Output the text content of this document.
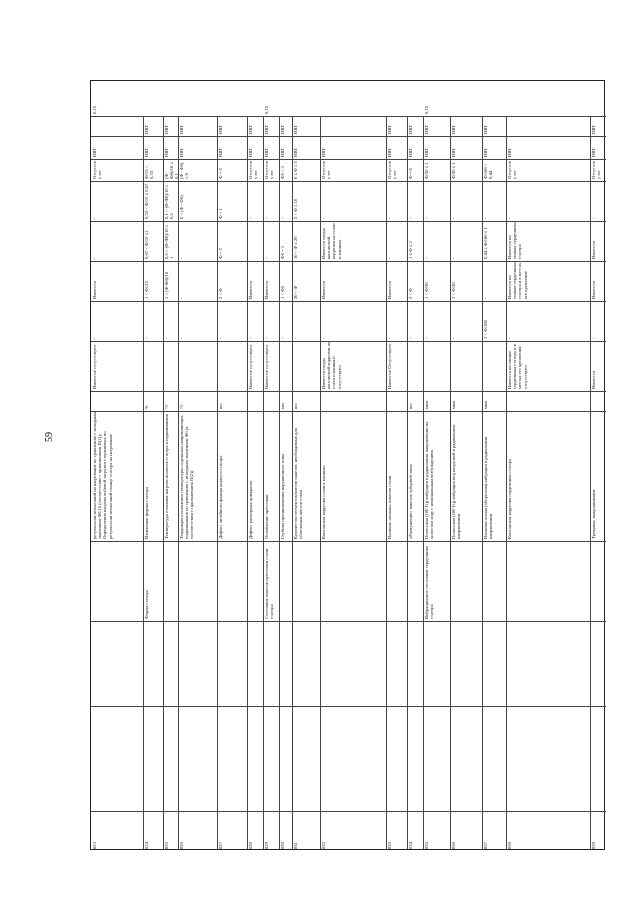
59
823
результатам испытаний на нагревание по сравнению с исходным значением Ф0,16 (соответствие с приложением П(2)); Определения нагрева лобовой загрузки стержневых по результатам испытаний сланце статора на нагревание
Имеются/ отсутствуют
-
Имеются
-
-
Отсутству ют
НВТ
0,15
824
Форма статора
Изменение формы статора
%
-
1 < Ф≤15
0,67 < Ф/15 ≤1
0,33 < Ф/15 ≤ 0,67
Ф/15 < 0,33
НВТ
НВТ
825
Температура отекания нагрева полюсов статора и подшипников
°C
-
1 < (Ф-Ф0)/10
0,5 < (Ф-Ф0)/10 ≤ 1
0,1 < (Ф-Ф0)/10 ≤ 0,5
(Ф-Ф0)/10 ≤ 0,1
НВТ
НВТ
826
Тенденция отклонения температуры отдельных направляющих подшипников по сравнению с исходным значением Ф0 (в соответствии с приложением П(2))
°C
-
-
-
0 < (Ф - Ф0)
(Ф - Ф0) ≤ 0
НВТ
НВТ
827
Дефект литейного фланца корпуса статора
шт.
-
2 < Ф
Ф = 2
Ф = 1
Ф = 0
НВТ
НВТ
828
Дефект распорных домкратов
Имеются/ отсутствуют
-
Имеются
-
Отсутству ют
НВТ
НВТ
829
Состояние пакетов прессовки стали статора
Ослабление прессовки
Имеются/ отсутствуют
-
Имеются
-
-
Отсутству ют
НВТ
НВТ
0,15
830
Глубина проникновения нарушенного зоны
мм
-
1 < Ф5
Ф5 = 1
-
Ф5 < 1
НВТ
НВТ
831
Количество сегментов/листов пакетов, необходимых для ублотнения листов стали
шт.
-
20 < Ф
10 < Ф ≤ 20
5 < Ф ≤ 10
0 ≤ Ф ≤ 5
НВТ
НВТ
832
Контактная коррозия стали в клиньях
Имеются следы контактной коррозии на стали и клиньях/ отсутствуют
-
Имеются
Имеются следы контактной коррозии на стали и клиньях
-
Отсутству ют
НВТ
833
Наличие «волны» пакетов стали
Имеются/ Отсутствуют
-
Имеются
-
-
Отсутству ют
НВТ
НВТ
834
«Распушение» пакетов зубцовой зоны
шт.
-
2 < Ф
1 ≤ Ф ≤ 2
-
Ф = 0
НВТ
НВТ
835
Вибрационное состояние сердечника статора
Полосовая (100 Гц) вибрация в радиальном направлении на холостом ходу с номинальным возбуждением
мкм
-
1 < Ф/30
-
-
Ф/30 ≤ 1
НВТ
НВТ
0,15
836
Полосовая (100 Гц) вибрация под нагрузкой в радиальном направлении
мкм
-
1 < Ф/30
-
-
Ф/30 ≤ 1
НВТ
НВТ
837
Низкочастотная (оборотная) вибрация в радиальном направлении
мкм
1 < Ф/180
-
0,44 ≤ Ф/180 ≤ 1
-
Ф/180 < 0,44
НВТ
НВТ
838
Контактная коррозия сердечника статора
Имеются на спинке сердечника статора и в местах его крепления/ отсутствуют
-
Имеются на спинке сердечника статора и в местах его крепления
Имеются на спинке сердечника статора
-
Отсутству ют
НВТ
839
Трещины, выкрашивание
Имеются
-
Имеются
Имеются
-
Отсутству ют
НВТ
НВТ
